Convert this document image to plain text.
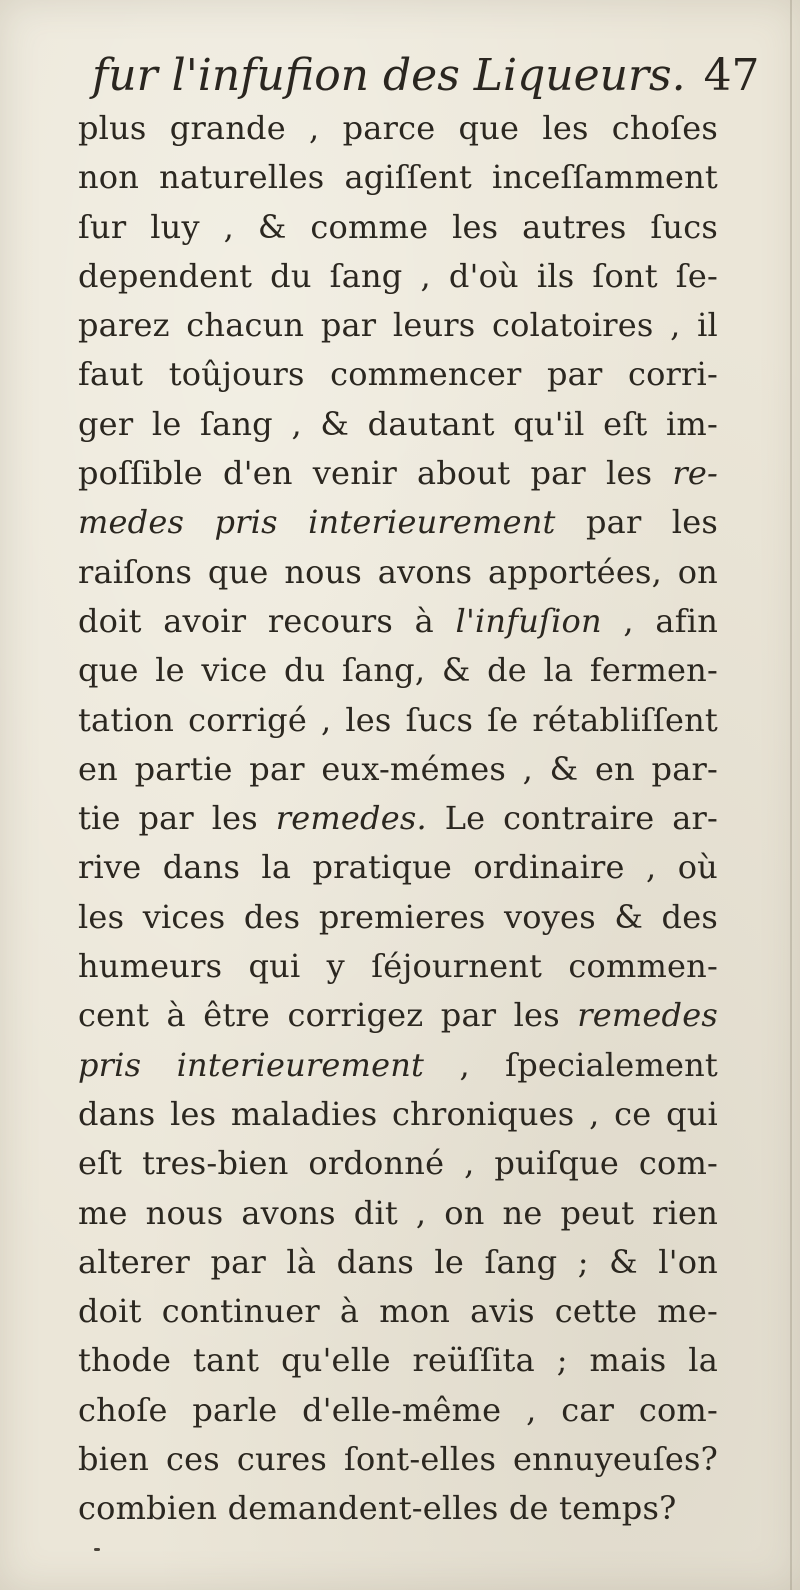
fur l'infufion des Liqueurs. 47
plus grande , parce que les choſes
non naturelles agiſſent inceſſamment
ſur luy , & comme les autres ſucs
dependent du ſang , d'où ils ſont ſe-
parez chacun par leurs colatoires , il
faut toûjours commencer par corri-
ger le ſang , & dautant qu'il eſt im-
poſſible d'en venir about par les re-
medes pris interieurement par les
raiſons que nous avons apportées, on
doit avoir recours à l'infuſion , afin
que le vice du ſang, & de la fermen-
tation corrigé , les ſucs ſe rétabliſſent
en partie par eux-mémes , & en par-
tie par les remedes. Le contraire ar-
rive dans la pratique ordinaire , où
les vices des premieres voyes & des
humeurs qui y ſéjournent commen-
cent à être corrigez par les remedes
pris interieurement , ſpecialement
dans les maladies chroniques , ce qui
eſt tres-bien ordonné , puiſque com-
me nous avons dit , on ne peut rien
alterer par là dans le ſang ; & l'on
doit continuer à mon avis cette me-
thode tant qu'elle reüſſita ; mais la
choſe parle d'elle-même , car com-
bien ces cures ſont-elles ennuyeuſes?
combien demandent-elles de temps?
